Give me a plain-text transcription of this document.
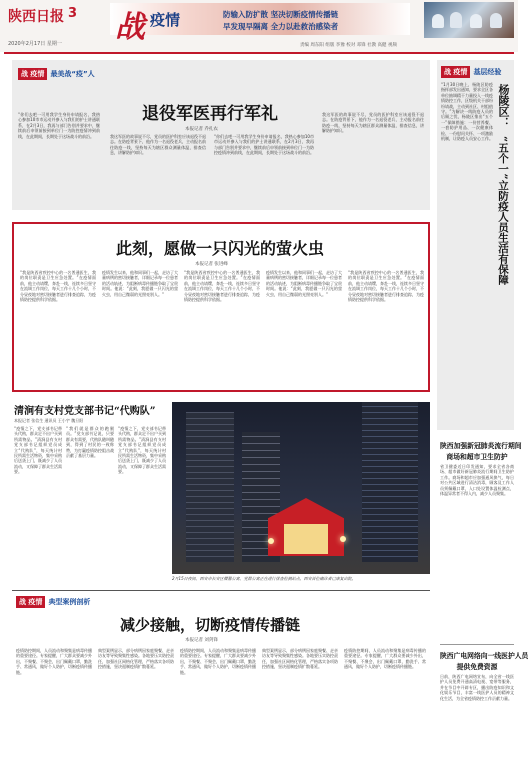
陕西日报 3
2020年2月17日 星期一 战 疫情	防输入防扩散 坚决切断疫情传播链
早发现早隔离 全力以赴救治感染者
责编 周东阳 组版 李豫 校对 邓锋 社教 高健 视频
战 疫情 最美战“疫”人
退役军医再行军礼
本报记者 乔扎农
“你们去吧一可用我学生身份申请报名，我热心参加10市市运动并参入与我们的护士讲通联系，在2月3日，我再与部门告别并要求中，继续前后申领前接到单位门一为防控疫情冲到前线，在此期间，长期处于这场战斗的前沿。	我这军医的故事说不尽，党员的医护科室应该退役不退志。在防疫背景下，他作为一名退役老兵，主动报名前往防疫一线，坚持每天为辖区群众测量体温，排查信息，讲解防护知识。
“你们去吧一可用我学生身份申请报名，我热心参加10市市运动并参入与我们的护士讲通联系，在2月3日，我再与部门告别并要求中，继续前后申领前接到单位门一为防控疫情冲到前线，在此期间，长期处于这场战斗的前沿。
我这军医的故事说不尽，党员的医护科室应该退役不退志。在防疫背景下，他作为一名退役老兵，主动报名前往防疫一线，坚持每天为辖区群众测量体温，排查信息，讲解防护知识。
此刻，愿做一只闪光的萤火虫
本报记者 张进峰
“我是陕西省疾控中心的一名普通医生，我的岗位职责是卫生应急处置。”在疫情面前，他主动请缨，奔赴一线，连续多日坚守在流调工作岗位，每天工作十几个小时，不分昼夜地对密切接触者进行排查追踪，为疫情防控提供科学依据。
疫情发生以来，他和同事们一起，走访了大量病例的密切接触者，详细记录每一位患者的活动轨迹，为阻断病毒传播链争取了宝贵时间。他说：“此刻，我愿做一只闪光的萤火虫，用自己微弱的光照亮别人。”
“我是陕西省疾控中心的一名普通医生，我的岗位职责是卫生应急处置。”在疫情面前，他主动请缨，奔赴一线，连续多日坚守在流调工作岗位，每天工作十几个小时，不分昼夜地对密切接触者进行排查追踪，为疫情防控提供科学依据。
疫情发生以来，他和同事们一起，走访了大量病例的密切接触者，详细记录每一位患者的活动轨迹，为阻断病毒传播链争取了宝贵时间。他说：“此刻，我愿做一只闪光的萤火虫，用自己微弱的光照亮别人。”
“我是陕西省疾控中心的一名普通医生，我的岗位职责是卫生应急处置。”在疫情面前，他主动请缨，奔赴一线，连续多日坚守在流调工作岗位，每天工作十几个小时，不分昼夜地对密切接触者进行排查追踪，为疫情防控提供科学依据。
战 疫情 基层经验
“1月30日晚上，杨陵区防疫指挥部发出通知，要求全区各单位抽调精干力量投入一线疫情防控工作，区级机关干部纷纷请战，主动到社区、村组值守。”为解决一线防疫人员的后顾之忧，杨陵区推出“五个一”保障措施：一份营养餐、一套防护用品、一次健康体检、一份慰问关怀、一项激励机制，让防疫人员安心工作。
杨陵区：
“五个一”立防疫人员生活有保障
陕西加强新冠肺炎流行期间
商场和超市卫生防护
省卫健委近日印发通知，要求全省各商场、超市做好新冠肺炎流行期间卫生防护工作。商场和超市应加强通风换气，每日对公共区域进行清洁消毒，顾客及工作人员须佩戴口罩，入口处设置体温检测点，体温异常者不得入内，减少人员聚集。
陕西广电网络向一线医护人员
提供免费资源
日前，陕西广电网络宣布，向全省一线医护人员免费开通高清电视、宽带等服务，并在节目中开辟专区，播出防疫知识和文化娱乐节目，丰富一线医护人员的精神文化生活，为全省疫情防控工作贡献力量。
清涧有支村党支部书记“代购队”
本报记者 张信生 通讯员 王小宇 魏旦阳
“疫情之下，党支部书记带头代购，群众足不出户买到所需物品。”清涧县有支村党支部书记组织党员成立“代购队”，每天统计村民所需生活物资，集中采购后送货上门，既减少了人员流动，又保障了群众生活需要。
“我们就是群众的跑腿员。”党支部书记说，只要群众有需要，代购队随叫随到，得到了村民的一致称赞，为打赢疫情防控阻击战贡献了基层力量。
“疫情之下，党支部书记带头代购，群众足不出户买到所需物品。”清涧县有支村党支部书记组织党员成立“代购队”，每天统计村民所需生活物资，集中采购后送货上门，既减少了人员流动，又保障了群众生活需要。
2月15日夜间，西安市长安区樱馨公寓，党群公寓正在进行排查检测站点。西安首位确诊者已康复出院。
战 疫情 典型案例剖析
减少接触，切断疫情传播链
本报记者 刘剑锋
疫情防控期间，人员流动和聚集是病毒传播的重要途径。专家提醒，广大群众要减少外出，不聚餐、不聚会，出门佩戴口罩，勤洗手、常通风，做好个人防护，切断疫情传播链。
典型案例显示，部分病例因家庭聚餐、走亲访友等导致聚集性感染。各地要压实防控责任，加强社区网格化管理，严格落实各项防控措施，坚决遏制疫情扩散蔓延。
疫情防控期间，人员流动和聚集是病毒传播的重要途径。专家提醒，广大群众要减少外出，不聚餐、不聚会，出门佩戴口罩，勤洗手、常通风，做好个人防护，切断疫情传播链。
典型案例显示，部分病例因家庭聚餐、走亲访友等导致聚集性感染。各地要压实防控责任，加强社区网格化管理，严格落实各项防控措施，坚决遏制疫情扩散蔓延。
疫情防控期间，人员流动和聚集是病毒传播的重要途径。专家提醒，广大群众要减少外出，不聚餐、不聚会，出门佩戴口罩，勤洗手、常通风，做好个人防护，切断疫情传播链。
